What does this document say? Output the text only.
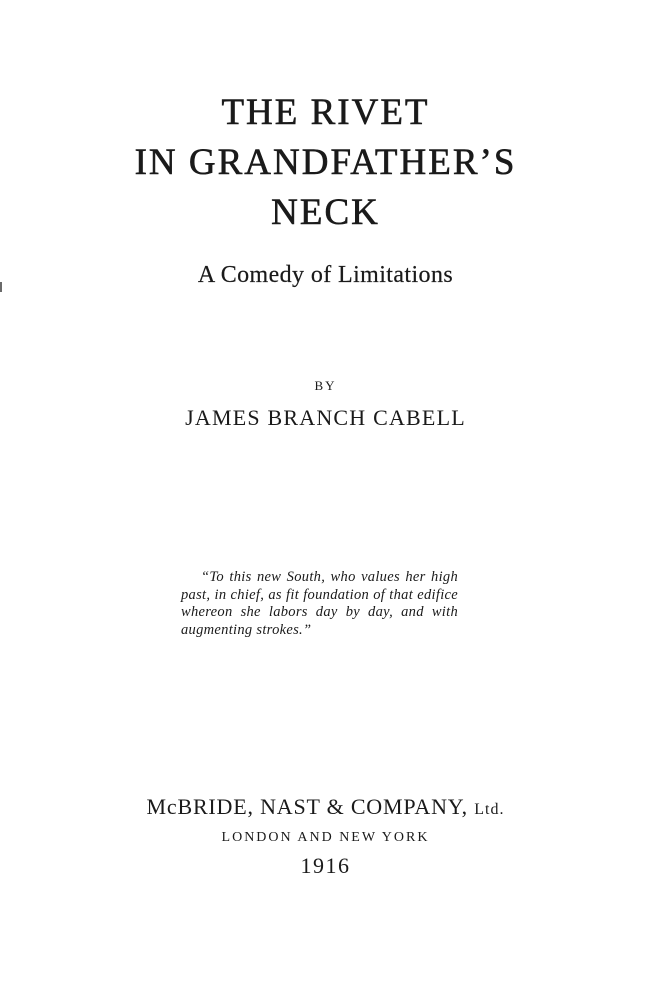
THE RIVET
IN GRANDFATHER’S
NECK
A Comedy of Limitations
BY
JAMES BRANCH CABELL
“To this new South, who values her high
past, in chief, as fit foundation of that edifice
whereon she labors day by day, and with
augmenting strokes.”
McBRIDE, NAST & COMPANY, Ltd.
LONDON AND NEW YORK
1916
